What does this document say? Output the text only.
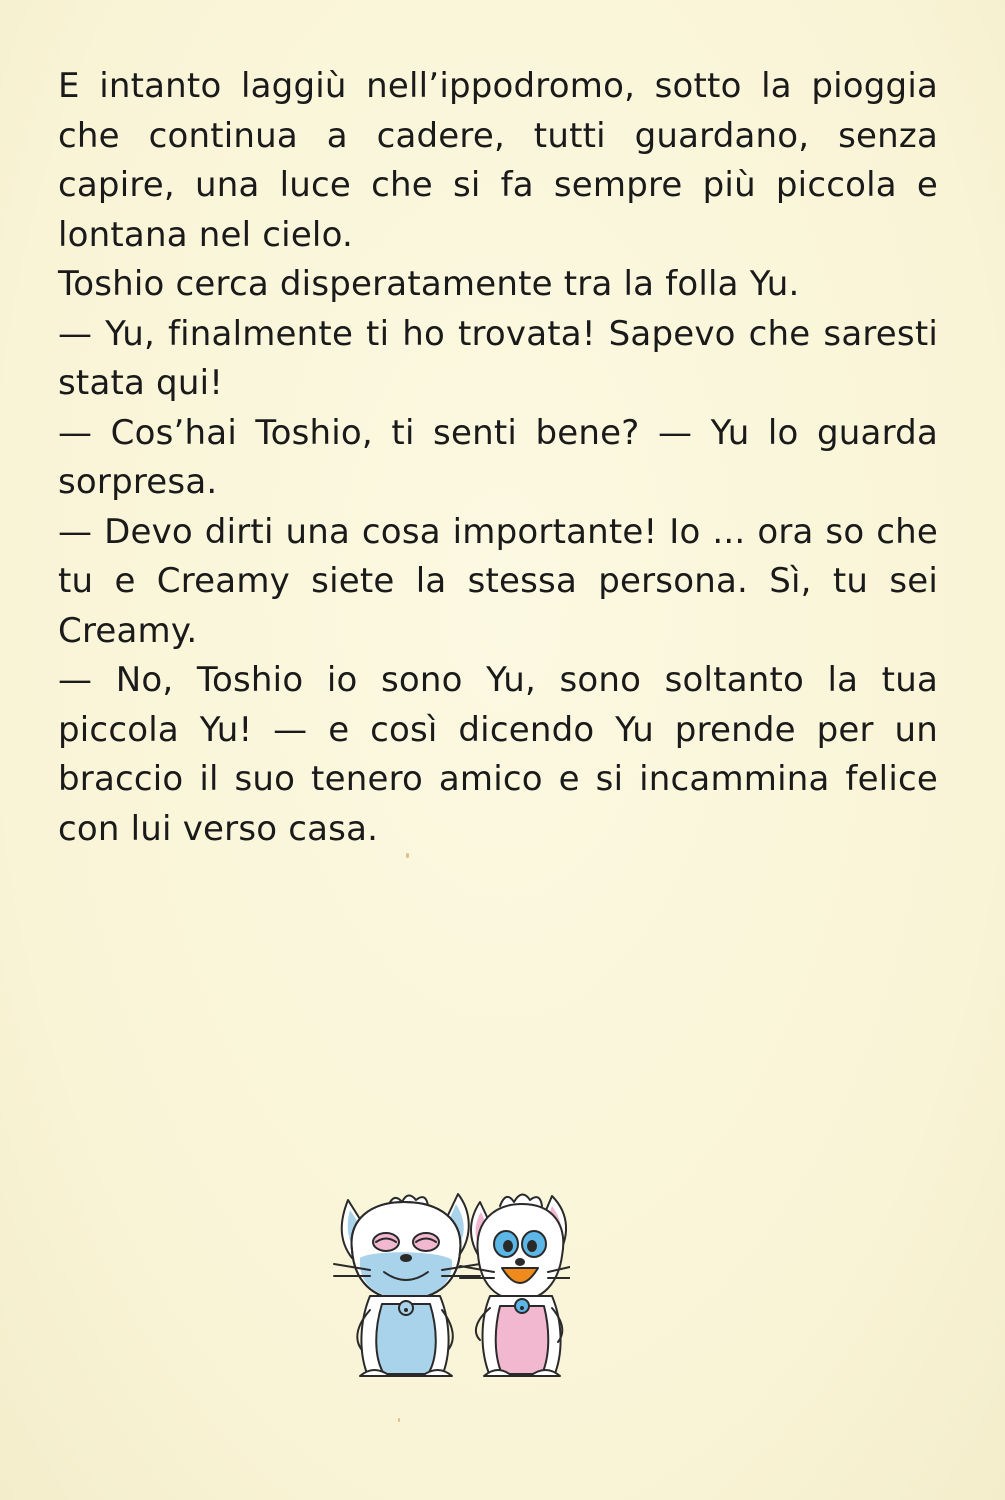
E intanto laggiù nell’ippodromo, sotto la pioggia che continua a cadere, tutti guardano, senza capire, una luce che si fa sempre più piccola e lontana nel cielo.

Toshio cerca disperatamente tra la folla Yu.

— Yu, finalmente ti ho trovata! Sapevo che saresti stata qui!

— Cos’hai Toshio, ti senti bene? — Yu lo guarda sorpresa.

— Devo dirti una cosa importante! Io ... ora so che tu e Creamy siete la stessa persona. Sì, tu sei Creamy.

— No, Toshio io sono Yu, sono soltanto la tua piccola Yu! — e così dicendo Yu prende per un braccio il suo tenero amico e si incammina felice con lui verso casa.
